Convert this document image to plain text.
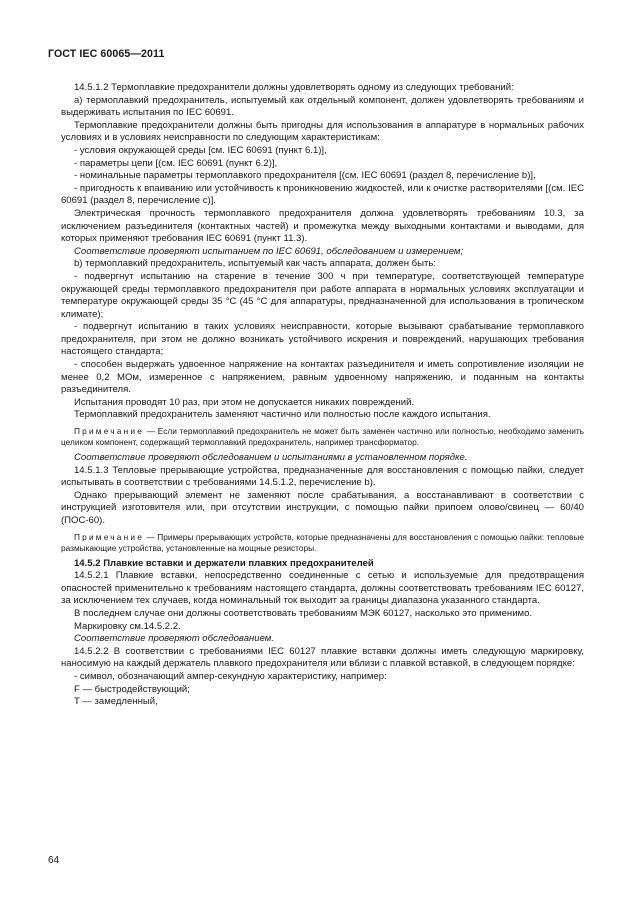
ГОСТ IEC 60065—2011

14.5.1.2 Термоплавкие предохранители должны удовлетворять одному из следующих требований:

а) термоплавкий предохранитель, испытуемый как отдельный компонент, должен удовлетворять требованиям и выдерживать испытания по IEC 60691.

Термоплавкие предохранители должны быть пригодны для использования в аппаратуре в нормальных рабочих условиях и в условиях неисправности по следующим характеристикам:

- условия окружающей среды [см. IEC 60691 (пункт 6.1)],

- параметры цепи [(см. IEC 60691 (пункт 6.2)],

- номинальные параметры термоплавкого предохранителя [(см. IEC 60691 (раздел 8, перечисление b)],

- пригодность к впаиванию или устойчивость к проникновению жидкостей, или к очистке растворителями [(см. IEC 60691 (раздел 8, перечисление с)].

Электрическая прочность термоплавкого предохранителя должна удовлетворять требованиям 10.3, за исключением разъединителя (контактных частей) и промежутка между выходными контактами и выводами, для которых применяют требования IEC 60691 (пункт 11.3).

Соответствие проверяют испытанием по IEC 60691, обследованием и измерением;

b) термоплавкий предохранитель, испытуемый как часть аппарата, должен быть:

- подвергнут испытанию на старение в течение 300 ч при температуре, соответствующей температуре окружающей среды термоплавкого предохранителя при работе аппарата в нормальных условиях эксплуатации и температуре окружающей среды 35 °С (45 °С для аппаратуры, предназначенной для использования в тропическом климате);

- подвергнут испытанию в таких условиях неисправности, которые вызывают срабатывание термоплавкого предохранителя, при этом не должно возникать устойчивого искрения и повреждений, нарушающих требования настоящего стандарта;

- способен выдержать удвоенное напряжение на контактах разъединителя и иметь сопротивление изоляции не менее 0,2 МОм, измеренное с напряжением, равным удвоенному напряжению, и поданным на контакты разъединителя.

Испытания проводят 10 раз, при этом не допускается никаких повреждений.

Термоплавкий предохранитель заменяют частично или полностью после каждого испытания.

Примечание — Если термоплавкий предохранитель не может быть заменен частично или полностью, необходимо заменить целиком компонент, содержащий термоплавкий предохранитель, например трансформатор.

Соответствие проверяют обследованием и испытаниями в установленном порядке.

14.5.1.3 Тепловые прерывающие устройства, предназначенные для восстановления с помощью пайки, следует испытывать в соответствии с требованиями 14.5.1.2, перечисление b).

Однако прерывающий элемент не заменяют после срабатывания, а восстанавливают в соответствии с инструкцией изготовителя или, при отсутствии инструкции, с помощью пайки припоем олово/свинец — 60/40 (ПОС-60).

Примечание — Примеры прерывающих устройств, которые предназначены для восстановления с помощью пайки: тепловые размыкающие устройства, установленные на мощные резисторы.

14.5.2 Плавкие вставки и держатели плавких предохранителей

14.5.2.1 Плавкие вставки, непосредственно соединенные с сетью и используемые для предотвращения опасностей применительно к требованиям настоящего стандарта, должны соответствовать требованиям IEC 60127, за исключением тех случаев, когда номинальный ток выходит за границы диапазона указанного стандарта.

В последнем случае они должны соответствовать требованиям МЭК 60127, насколько это применимо.

Маркировку см.14.5.2.2.

Соответствие проверяют обследованием.

14.5.2.2 В соответствии с требованиями IEC 60127 плавкие вставки должны иметь следующую маркировку, наносимую на каждый держатель плавкого предохранителя или вблизи с плавкой вставкой, в следующем порядке:

- символ, обозначающий ампер-секундную характеристику, например:

F — быстродействующий;

T — замедленный,

64
